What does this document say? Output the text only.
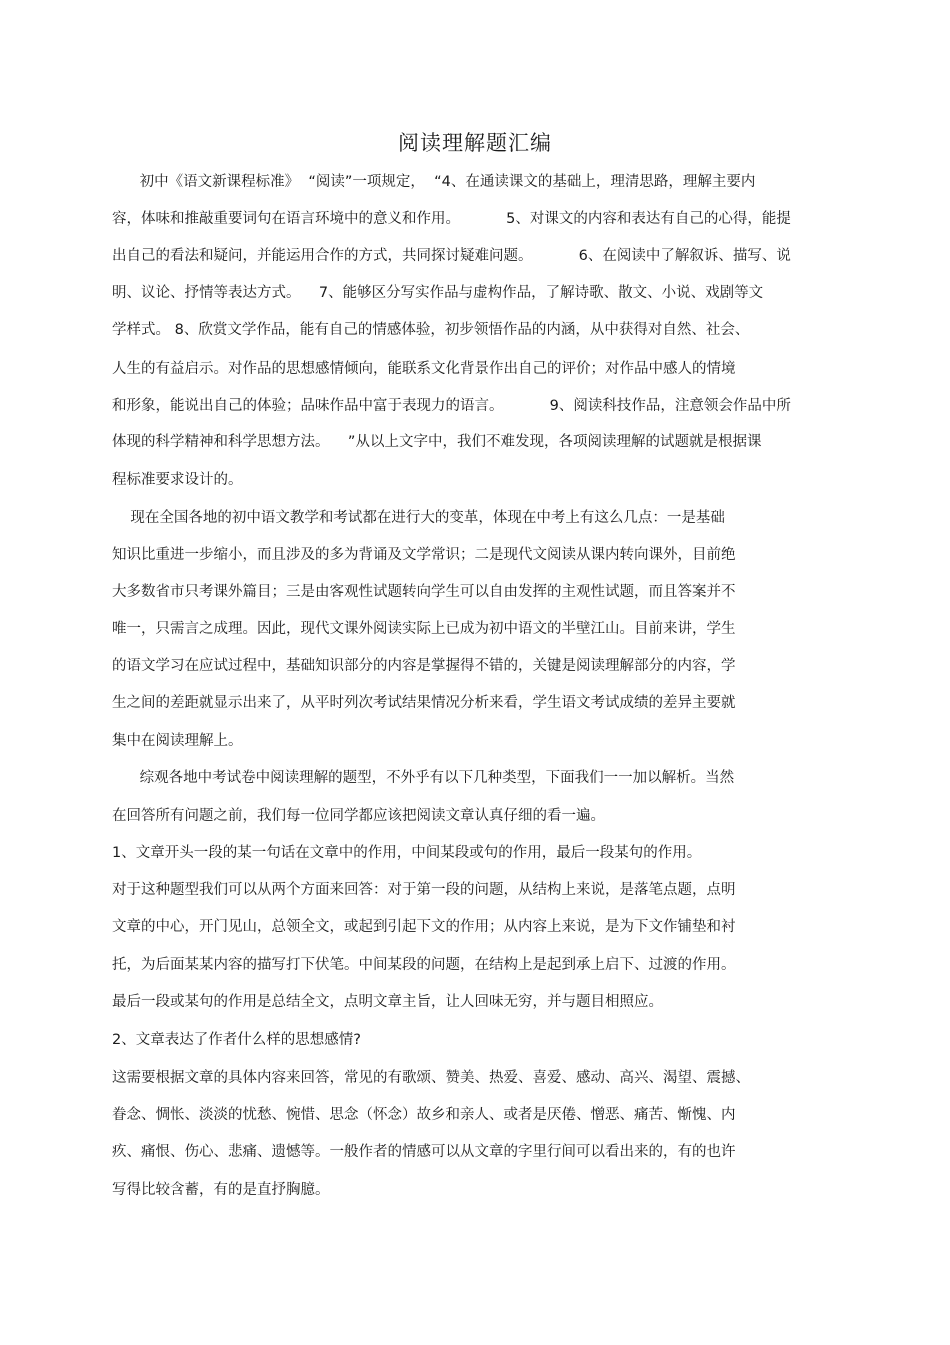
阅读理解题汇编
初中《语文新课程标准》  “阅读”一项规定，  “4、在通读课文的基础上，理清思路，理解主要内
容，体味和推敲重要词句在语言环境中的意义和作用。          5、对课文的内容和表达有自己的心得，能提
出自己的看法和疑问，并能运用合作的方式，共同探讨疑难问题。          6、在阅读中了解叙诉、描写、说
明、议论、抒情等表达方式。    7、能够区分写实作品与虚构作品，了解诗歌、散文、小说、戏剧等文
学样式。 8、欣赏文学作品，能有自己的情感体验，初步领悟作品的内涵，从中获得对自然、社会、
人生的有益启示。对作品的思想感情倾向，能联系文化背景作出自己的评价；对作品中感人的情境
和形象，能说出自己的体验；品味作品中富于表现力的语言。          9、阅读科技作品，注意领会作品中所
体现的科学精神和科学思想方法。    ”从以上文字中，我们不难发现，各项阅读理解的试题就是根据课
程标准要求设计的。
现在全国各地的初中语文教学和考试都在进行大的变革，体现在中考上有这么几点：一是基础
知识比重进一步缩小，而且涉及的多为背诵及文学常识；二是现代文阅读从课内转向课外，目前绝
大多数省市只考课外篇目；三是由客观性试题转向学生可以自由发挥的主观性试题，而且答案并不
唯一，只需言之成理。因此，现代文课外阅读实际上已成为初中语文的半壁江山。目前来讲，学生
的语文学习在应试过程中，基础知识部分的内容是掌握得不错的，关键是阅读理解部分的内容，学
生之间的差距就显示出来了，从平时列次考试结果情况分析来看，学生语文考试成绩的差异主要就
集中在阅读理解上。
综观各地中考试卷中阅读理解的题型，不外乎有以下几种类型，下面我们一一加以解析。当然
在回答所有问题之前，我们每一位同学都应该把阅读文章认真仔细的看一遍。
1、文章开头一段的某一句话在文章中的作用，中间某段或句的作用，最后一段某句的作用。
对于这种题型我们可以从两个方面来回答：对于第一段的问题，从结构上来说，是落笔点题，点明
文章的中心，开门见山，总领全文，或起到引起下文的作用；从内容上来说，是为下文作铺垫和衬
托，为后面某某内容的描写打下伏笔。中间某段的问题，在结构上是起到承上启下、过渡的作用。
最后一段或某句的作用是总结全文，点明文章主旨，让人回味无穷，并与题目相照应。
2、文章表达了作者什么样的思想感情?
这需要根据文章的具体内容来回答，常见的有歌颂、赞美、热爱、喜爱、感动、高兴、渴望、震撼、
眷念、惆怅、淡淡的忧愁、惋惜、思念（怀念）故乡和亲人、或者是厌倦、憎恶、痛苦、惭愧、内
疚、痛恨、伤心、悲痛、遗憾等。一般作者的情感可以从文章的字里行间可以看出来的，有的也许
写得比较含蓄，有的是直抒胸臆。
